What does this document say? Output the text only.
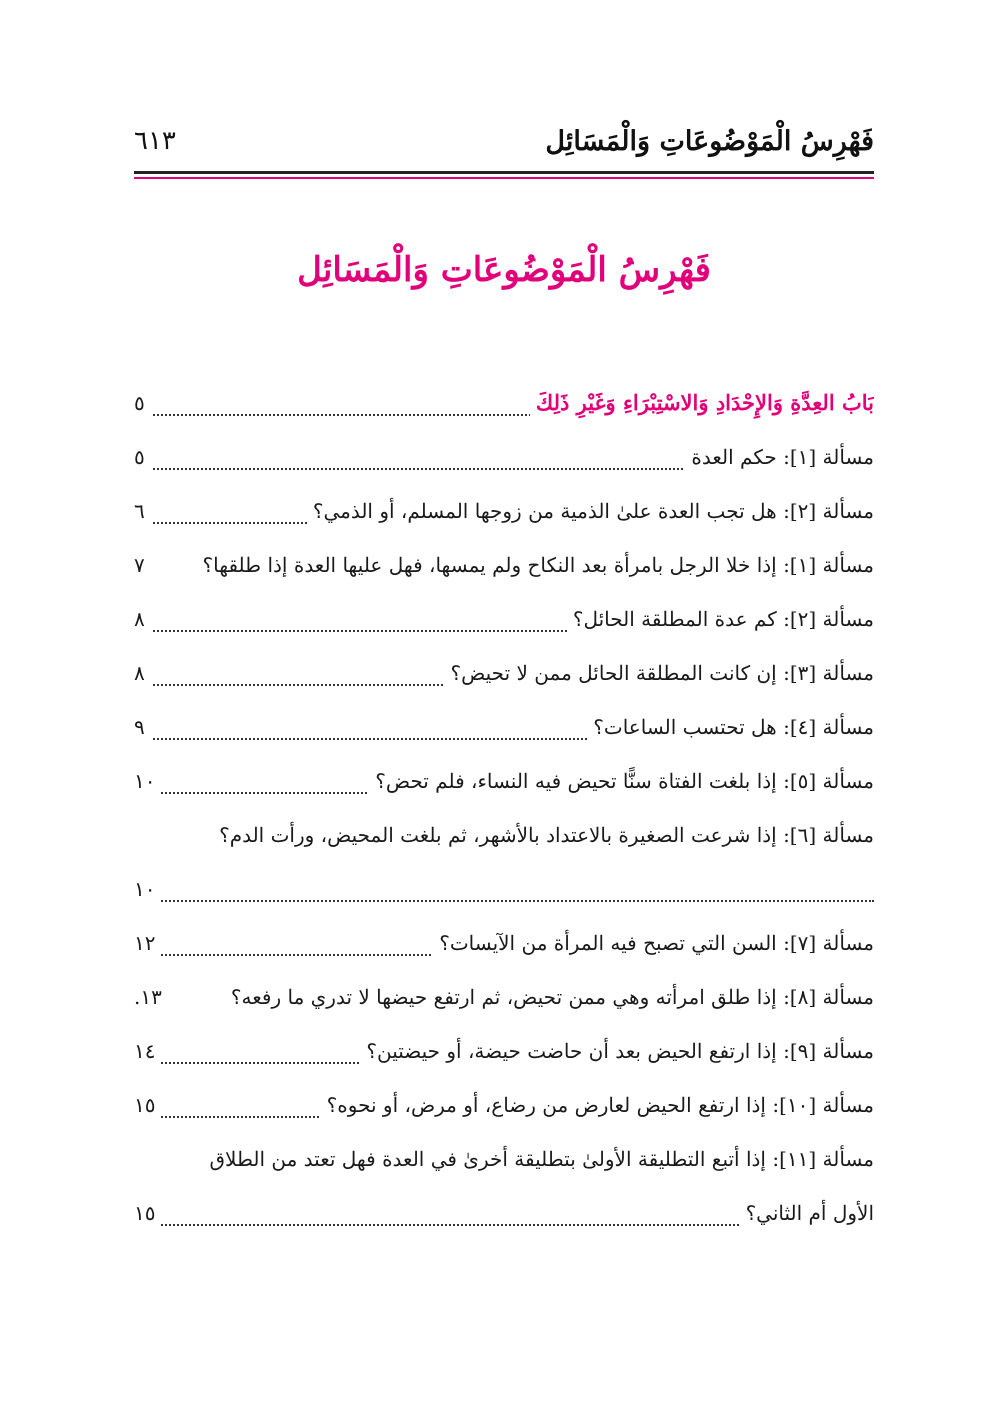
فَهْرِسُ الْمَوْضُوعَاتِ وَالْمَسَائِل
٦١٣
فَهْرِسُ الْمَوْضُوعَاتِ وَالْمَسَائِل
بَابُ العِدَّةِ وَالإِحْدَادِ وَالاسْتِبْرَاءِ وَغَيْرِ ذَلِكَ
٥
مسألة [١]: حكم العدة
٥
مسألة [٢]: هل تجب العدة علىٰ الذمية من زوجها المسلم، أو الذمي؟
٦
مسألة [١]: إذا خلا الرجل بامرأة بعد النكاح ولم يمسها، فهل عليها العدة إذا طلقها؟
٧
مسألة [٢]: كم عدة المطلقة الحائل؟
٨
مسألة [٣]: إن كانت المطلقة الحائل ممن لا تحيض؟
٨
مسألة [٤]: هل تحتسب الساعات؟
٩
مسألة [٥]: إذا بلغت الفتاة سنًّا تحيض فيه النساء، فلم تحض؟
١٠
مسألة [٦]: إذا شرعت الصغيرة بالاعتداد بالأشهر، ثم بلغت المحيض، ورأت الدم؟
١٠
مسألة [٧]: السن التي تصبح فيه المرأة من الآيسات؟
١٢
مسألة [٨]: إذا طلق امرأته وهي ممن تحيض، ثم ارتفع حيضها لا تدري ما رفعه؟
١٣.
مسألة [٩]: إذا ارتفع الحيض بعد أن حاضت حيضة، أو حيضتين؟
١٤
مسألة [١٠]: إذا ارتفع الحيض لعارض من رضاع، أو مرض، أو نحوه؟
١٥
مسألة [١١]: إذا أتبع التطليقة الأولىٰ بتطليقة أخرىٰ في العدة فهل تعتد من الطلاق
الأول أم الثاني؟
١٥
